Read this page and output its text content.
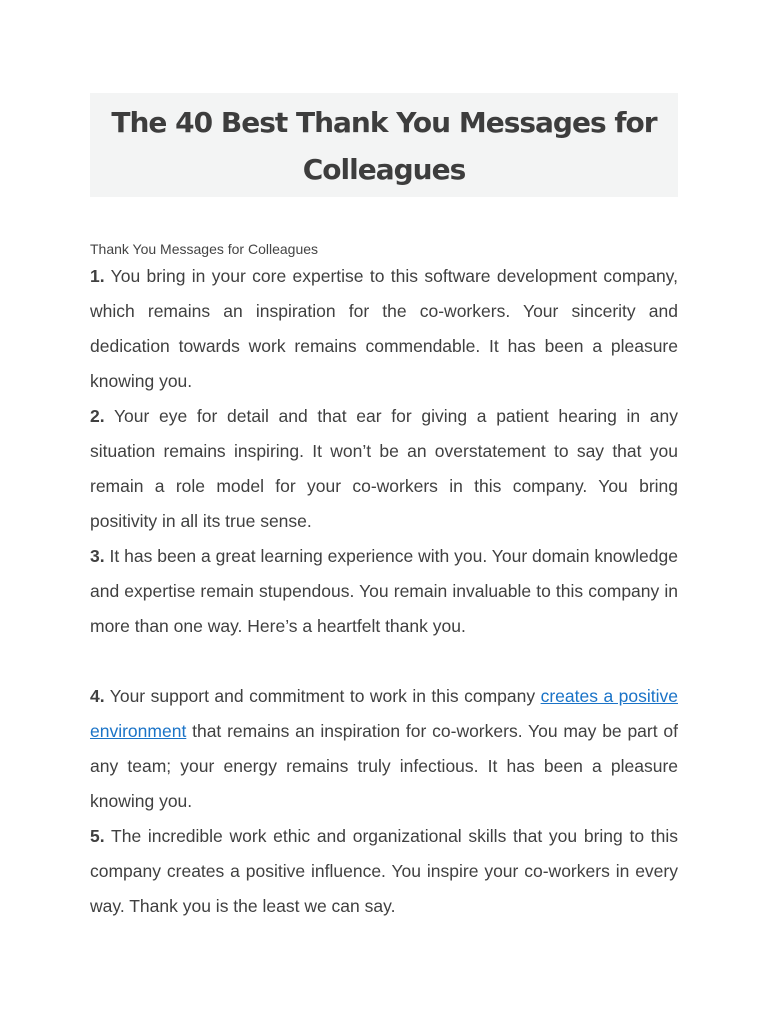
The 40 Best Thank You Messages for Colleagues

Thank You Messages for Colleagues

1. You bring in your core expertise to this software development company, which remains an inspiration for the co-workers. Your sincerity and dedication towards work remains commendable. It has been a pleasure knowing you.

2. Your eye for detail and that ear for giving a patient hearing in any situation remains inspiring. It won’t be an overstatement to say that you remain a role model for your co-workers in this company. You bring positivity in all its true sense.

3. It has been a great learning experience with you. Your domain knowledge and expertise remain stupendous. You remain invaluable to this company in more than one way. Here’s a heartfelt thank you.

4. Your support and commitment to work in this company creates a positive environment that remains an inspiration for co-workers. You may be part of any team; your energy remains truly infectious. It has been a pleasure knowing you.

5. The incredible work ethic and organizational skills that you bring to this company creates a positive influence. You inspire your co-workers in every way. Thank you is the least we can say.
